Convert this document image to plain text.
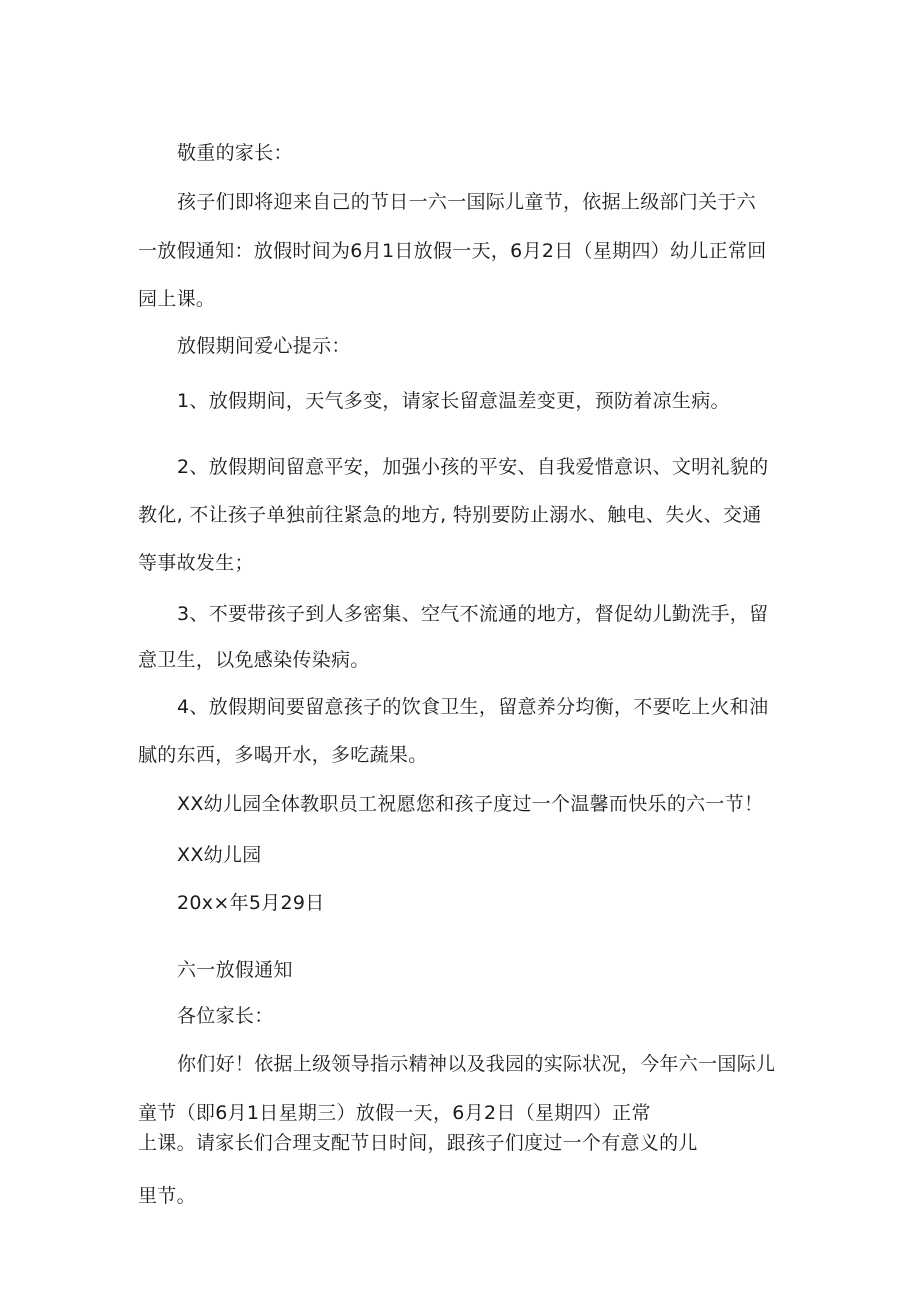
敬重的家长：
孩子们即将迎来自己的节日一六一国际儿童节，依据上级部门关于六
一放假通知：放假时间为6月1日放假一天，6月2日（星期四）幼儿正常回
园上课。
放假期间爱心提示：
1、放假期间，天气多变，请家长留意温差变更，预防着凉生病。
2、放假期间留意平安，加强小孩的平安、自我爱惜意识、文明礼貌的
教化, 不让孩子单独前往紧急的地方, 特别要防止溺水、触电、失火、交通
等事故发生；
3、不要带孩子到人多密集、空气不流通的地方，督促幼儿勤洗手，留
意卫生，以免感染传染病。
4、放假期间要留意孩子的饮食卫生，留意养分均衡，不要吃上火和油
腻的东西，多喝开水，多吃蔬果。
XX幼儿园全体教职员工祝愿您和孩子度过一个温馨而快乐的六一节！
XX幼儿园
20x×年5月29日
六一放假通知
各位家长：
你们好！依据上级领导指示精神以及我园的实际状况，今年六一国际儿
童节（即6月1日星期三）放假一天，6月2日（星期四）正常
上课。请家长们合理支配节日时间，跟孩子们度过一个有意义的儿
里节。
